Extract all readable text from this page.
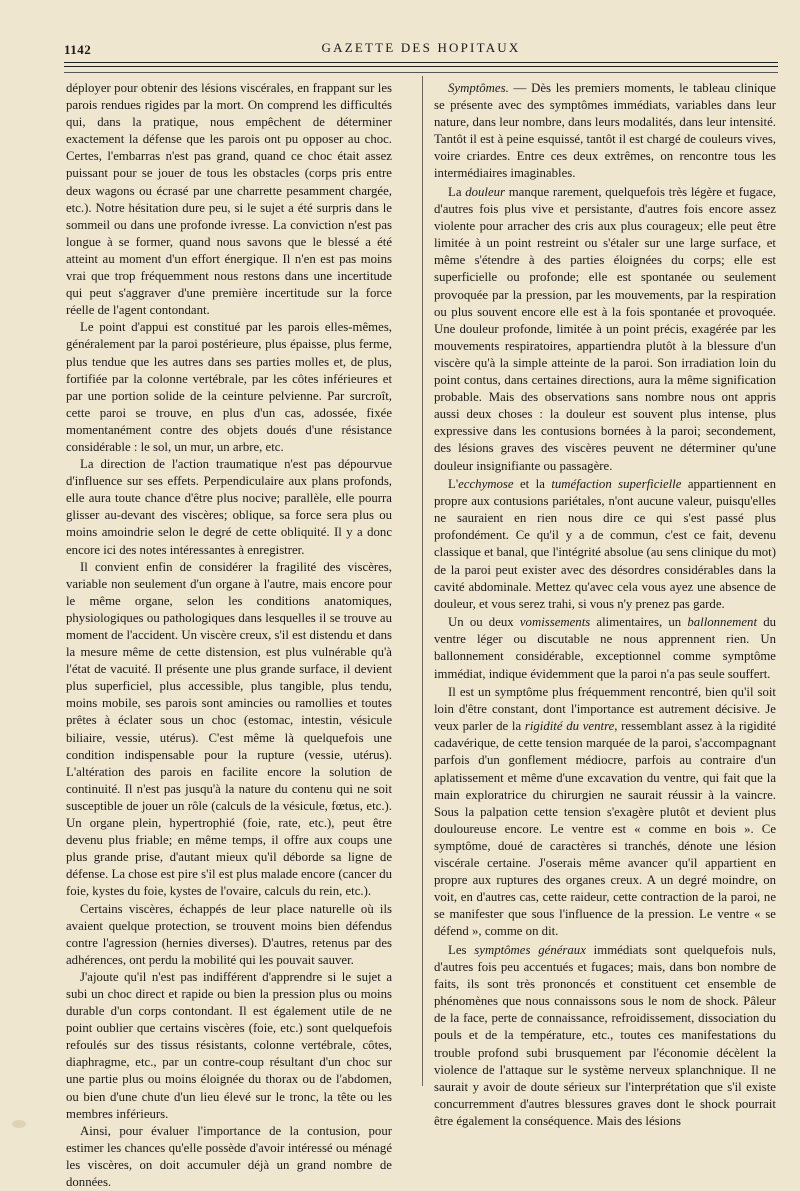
1142	GAZETTE DES HOPITAUX

déployer pour obtenir des lésions viscérales, en frappant sur les parois rendues rigides par la mort. On comprend les difficultés qui, dans la pratique, nous empêchent de déterminer exactement la défense que les parois ont pu opposer au choc. Certes, l'embarras n'est pas grand, quand ce choc était assez puissant pour se jouer de tous les obstacles (corps pris entre deux wagons ou écrasé par une charrette pesamment chargée, etc.). Notre hésitation dure peu, si le sujet a été surpris dans le sommeil ou dans une profonde ivresse. La conviction n'est pas longue à se former, quand nous savons que le blessé a été atteint au moment d'un effort énergique. Il n'en est pas moins vrai que trop fréquemment nous restons dans une incertitude qui peut s'aggraver d'une première incertitude sur la force réelle de l'agent contondant.

Le point d'appui est constitué par les parois elles-mêmes, généralement par la paroi postérieure, plus épaisse, plus ferme, plus tendue que les autres dans ses parties molles et, de plus, fortifiée par la colonne vertébrale, par les côtes inférieures et par une portion solide de la ceinture pelvienne. Par surcroît, cette paroi se trouve, en plus d'un cas, adossée, fixée momentanément contre des objets doués d'une résistance considérable : le sol, un mur, un arbre, etc.

La direction de l'action traumatique n'est pas dépourvue d'influence sur ses effets. Perpendiculaire aux plans profonds, elle aura toute chance d'être plus nocive; parallèle, elle pourra glisser au-devant des viscères; oblique, sa force sera plus ou moins amoindrie selon le degré de cette obliquité. Il y a donc encore ici des notes intéressantes à enregistrer.

Il convient enfin de considérer la fragilité des viscères, variable non seulement d'un organe à l'autre, mais encore pour le même organe, selon les conditions anatomiques, physiologiques ou pathologiques dans lesquelles il se trouve au moment de l'accident. Un viscère creux, s'il est distendu et dans la mesure même de cette distension, est plus vulnérable qu'à l'état de vacuité. Il présente une plus grande surface, il devient plus superficiel, plus accessible, plus tangible, plus tendu, moins mobile, ses parois sont amincies ou ramollies et toutes prêtes à éclater sous un choc (estomac, intestin, vésicule biliaire, vessie, utérus). C'est même là quelquefois une condition indispensable pour la rupture (vessie, utérus). L'altération des parois en facilite encore la solution de continuité. Il n'est pas jusqu'à la nature du contenu qui ne soit susceptible de jouer un rôle (calculs de la vésicule, fœtus, etc.). Un organe plein, hypertrophié (foie, rate, etc.), peut être devenu plus friable; en même temps, il offre aux coups une plus grande prise, d'autant mieux qu'il déborde sa ligne de défense. La chose est pire s'il est plus malade encore (cancer du foie, kystes du foie, kystes de l'ovaire, calculs du rein, etc.).

Certains viscères, échappés de leur place naturelle où ils avaient quelque protection, se trouvent moins bien défendus contre l'agression (hernies diverses). D'autres, retenus par des adhérences, ont perdu la mobilité qui les pouvait sauver.

J'ajoute qu'il n'est pas indifférent d'apprendre si le sujet a subi un choc direct et rapide ou bien la pression plus ou moins durable d'un corps contondant. Il est également utile de ne point oublier que certains viscères (foie, etc.) sont quelquefois refoulés sur des tissus résistants, colonne vertébrale, côtes, diaphragme, etc., par un contre-coup résultant d'un choc sur une partie plus ou moins éloignée du thorax ou de l'abdomen, ou bien d'une chute d'un lieu élevé sur le tronc, la tête ou les membres inférieurs.

Ainsi, pour évaluer l'importance de la contusion, pour estimer les chances qu'elle possède d'avoir intéressé ou ménagé les viscères, on doit accumuler déjà un grand nombre de données.

Symptômes. — Dès les premiers moments, le tableau clinique se présente avec des symptômes immédiats, variables dans leur nature, dans leur nombre, dans leurs modalités, dans leur intensité. Tantôt il est à peine esquissé, tantôt il est chargé de couleurs vives, voire criardes. Entre ces deux extrêmes, on rencontre tous les intermédiaires imaginables.

La douleur manque rarement, quelquefois très légère et fugace, d'autres fois plus vive et persistante, d'autres fois encore assez violente pour arracher des cris aux plus courageux; elle peut être limitée à un point restreint ou s'étaler sur une large surface, et même s'étendre à des parties éloignées du corps; elle est superficielle ou profonde; elle est spontanée ou seulement provoquée par la pression, par les mouvements, par la respiration ou plus souvent encore elle est à la fois spontanée et provoquée. Une douleur profonde, limitée à un point précis, exagérée par les mouvements respiratoires, appartiendra plutôt à la blessure d'un viscère qu'à la simple atteinte de la paroi. Son irradiation loin du point contus, dans certaines directions, aura la même signification probable. Mais des observations sans nombre nous ont appris aussi deux choses : la douleur est souvent plus intense, plus expressive dans les contusions bornées à la paroi; secondement, des lésions graves des viscères peuvent ne déterminer qu'une douleur insignifiante ou passagère.

L'ecchymose et la tuméfaction superficielle appartiennent en propre aux contusions pariétales, n'ont aucune valeur, puisqu'elles ne sauraient en rien nous dire ce qui s'est passé plus profondément. Ce qu'il y a de commun, c'est ce fait, devenu classique et banal, que l'intégrité absolue (au sens clinique du mot) de la paroi peut exister avec des désordres considérables dans la cavité abdominale. Mettez qu'avec cela vous ayez une absence de douleur, et vous serez trahi, si vous n'y prenez pas garde.

Un ou deux vomissements alimentaires, un ballonnement du ventre léger ou discutable ne nous apprennent rien. Un ballonnement considérable, exceptionnel comme symptôme immédiat, indique évidemment que la paroi n'a pas seule souffert.

Il est un symptôme plus fréquemment rencontré, bien qu'il soit loin d'être constant, dont l'importance est autrement décisive. Je veux parler de la rigidité du ventre, ressemblant assez à la rigidité cadavérique, de cette tension marquée de la paroi, s'accompagnant parfois d'un gonflement médiocre, parfois au contraire d'un aplatissement et même d'une excavation du ventre, qui fait que la main exploratrice du chirurgien ne saurait réussir à la vaincre. Sous la palpation cette tension s'exagère plutôt et devient plus douloureuse encore. Le ventre est « comme en bois ». Ce symptôme, doué de caractères si tranchés, dénote une lésion viscérale certaine. J'oserais même avancer qu'il appartient en propre aux ruptures des organes creux. A un degré moindre, on voit, en d'autres cas, cette raideur, cette contraction de la paroi, ne se manifester que sous l'influence de la pression. Le ventre « se défend », comme on dit.

Les symptômes généraux immédiats sont quelquefois nuls, d'autres fois peu accentués et fugaces; mais, dans bon nombre de faits, ils sont très prononcés et constituent cet ensemble de phénomènes que nous connaissons sous le nom de shock. Pâleur de la face, perte de connaissance, refroidissement, dissociation du pouls et de la température, etc., toutes ces manifestations du trouble profond subi brusquement par l'économie décèlent la violence de l'attaque sur le système nerveux splanchnique. Il ne saurait y avoir de doute sérieux sur l'interprétation que s'il existe concurremment d'autres blessures graves dont le shock pourrait être également la conséquence. Mais des lésions
